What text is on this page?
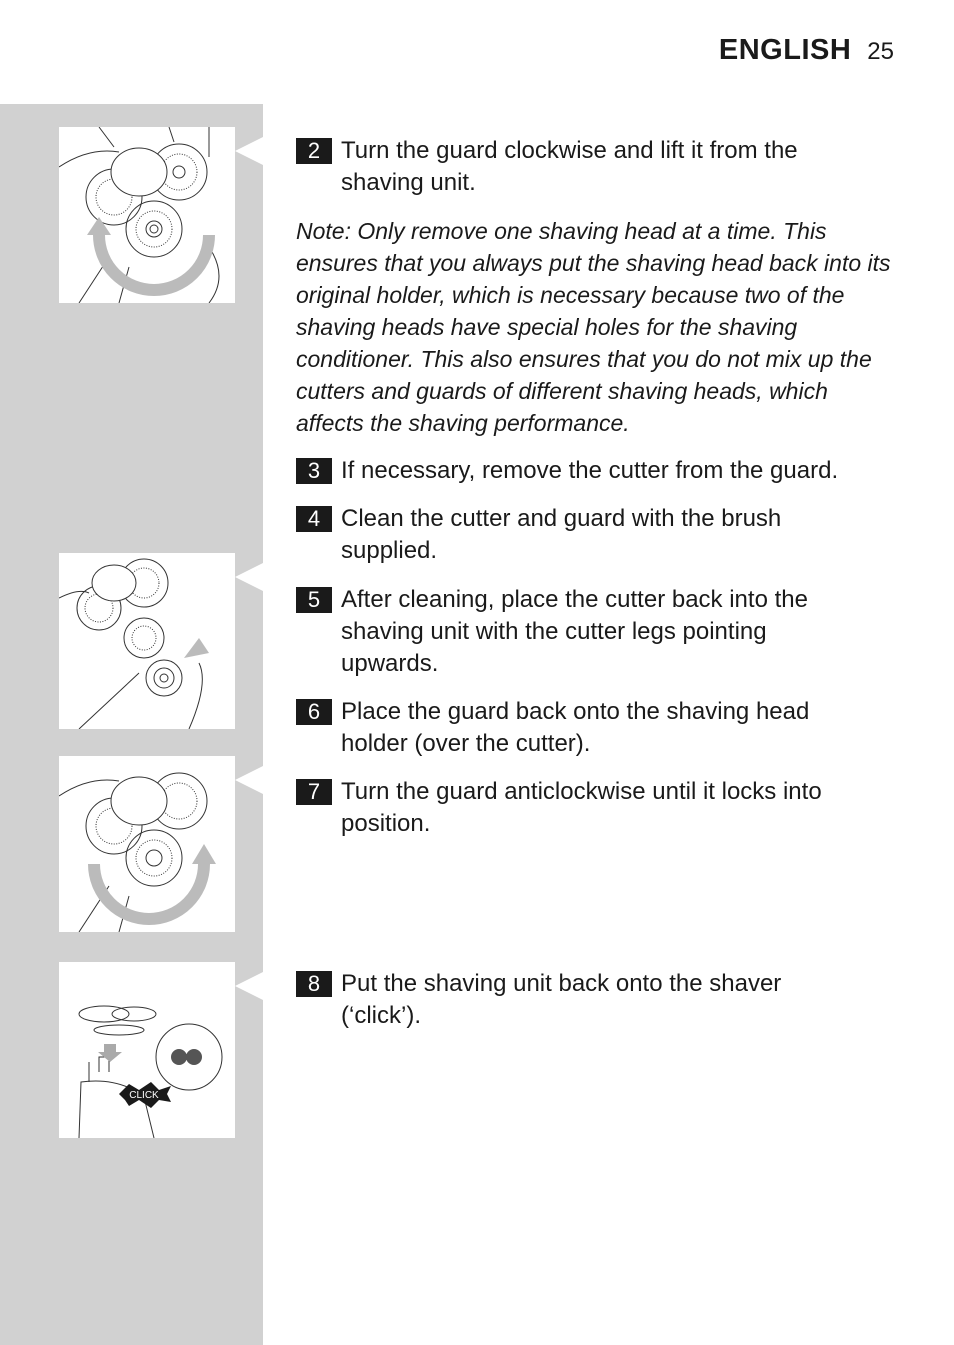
ENGLISH 25
CLICK
2 Turn the guard clockwise and lift it from the shaving unit.
Note: Only remove one shaving head at a time. This ensures that you always put the shaving head back into its original holder, which is necessary because two of the shaving heads have special holes for the shaving conditioner. This also ensures that you do not mix up the cutters and guards of different shaving heads, which affects the shaving performance.
3 If necessary, remove the cutter from the guard.
4 Clean the cutter and guard with the brush supplied.
5 After cleaning, place the cutter back into the shaving unit with the cutter legs pointing upwards.
6 Place the guard back onto the shaving head holder (over the cutter).
7 Turn the guard anticlockwise until it locks into position.
8 Put the shaving unit back onto the shaver (‘click’).
